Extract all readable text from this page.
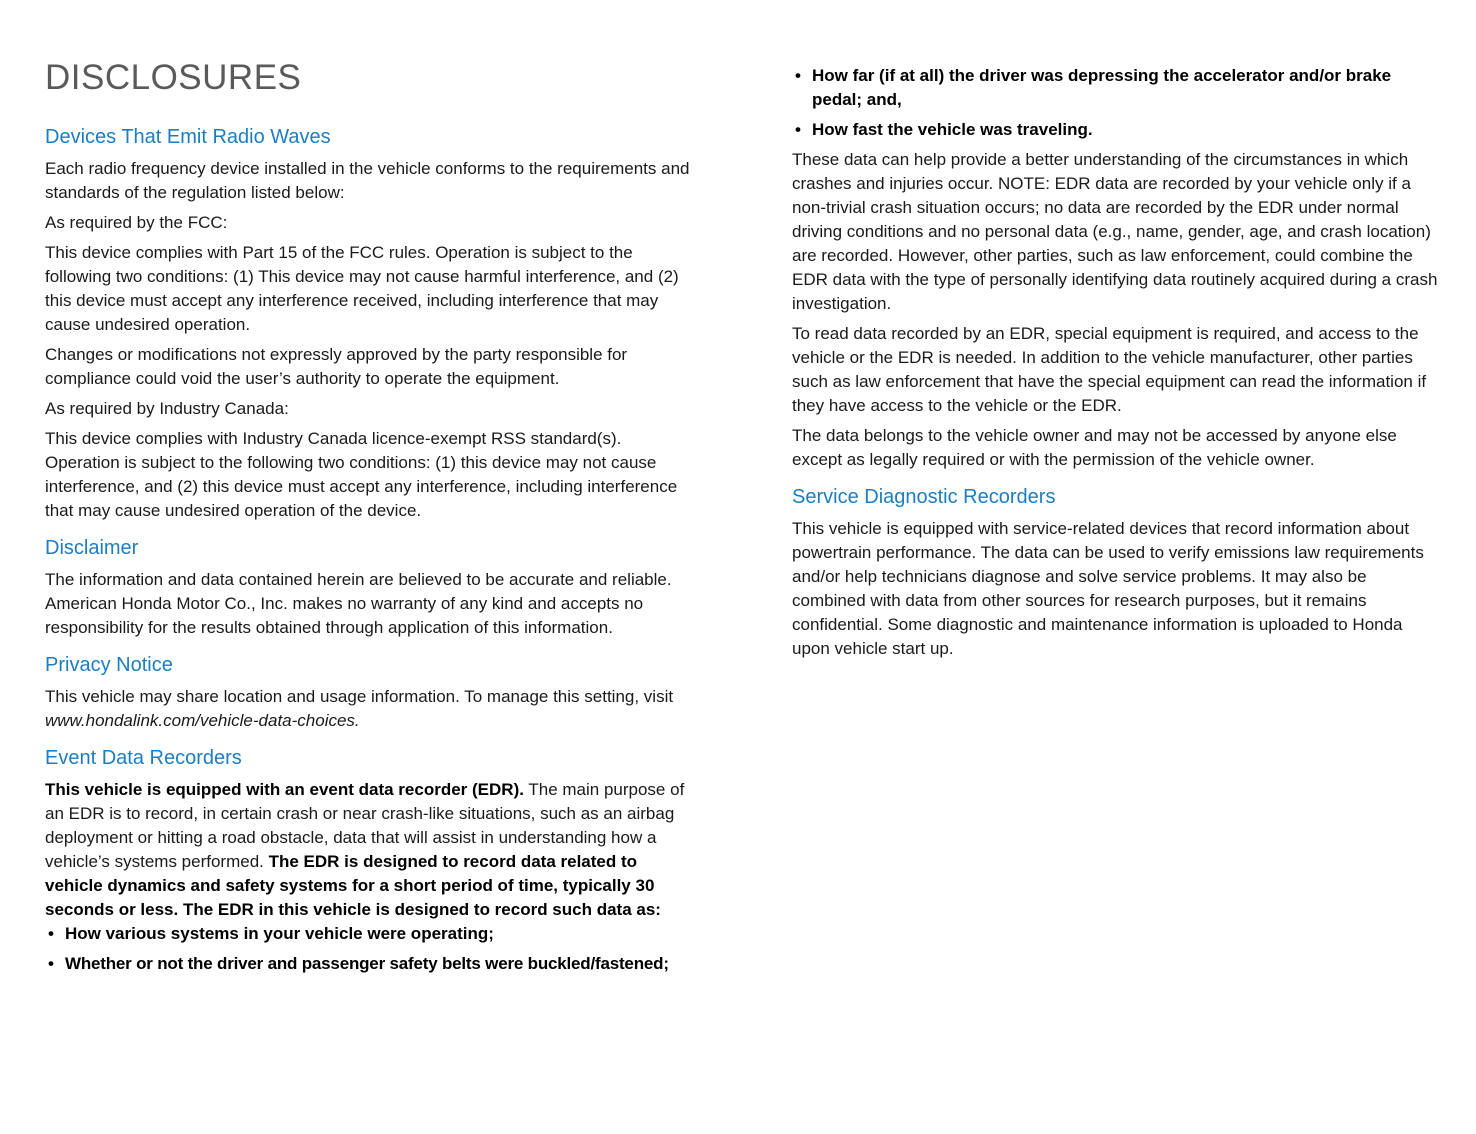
DISCLOSURES
Devices That Emit Radio Waves

Each radio frequency device installed in the vehicle conforms to the requirements and standards of the regulation listed below:

As required by the FCC:

This device complies with Part 15 of the FCC rules. Operation is subject to the following two conditions: (1) This device may not cause harmful interference, and (2) this device must accept any interference received, including interference that may cause undesired operation.

Changes or modifications not expressly approved by the party responsible for compliance could void the user’s authority to operate the equipment.

As required by Industry Canada:

This device complies with Industry Canada licence-exempt RSS standard(s). Operation is subject to the following two conditions: (1) this device may not cause interference, and (2) this device must accept any interference, including interference that may cause undesired operation of the device.

Disclaimer

The information and data contained herein are believed to be accurate and reliable. American Honda Motor Co., Inc. makes no warranty of any kind and accepts no responsibility for the results obtained through application of this information.

Privacy Notice

This vehicle may share location and usage information. To manage this setting, visit www.hondalink.com/vehicle-data-choices.

Event Data Recorders

This vehicle is equipped with an event data recorder (EDR). The main purpose of an EDR is to record, in certain crash or near crash-like situations, such as an airbag deployment or hitting a road obstacle, data that will assist in understanding how a vehicle’s systems performed. The EDR is designed to record data related to vehicle dynamics and safety systems for a short period of time, typically 30 seconds or less. The EDR in this vehicle is designed to record such data as:

• How various systems in your vehicle were operating;
• Whether or not the driver and passenger safety belts were buckled/fastened;
• How far (if at all) the driver was depressing the accelerator and/or brake pedal; and,
• How fast the vehicle was traveling.

These data can help provide a better understanding of the circumstances in which crashes and injuries occur. NOTE: EDR data are recorded by your vehicle only if a non-trivial crash situation occurs; no data are recorded by the EDR under normal driving conditions and no personal data (e.g., name, gender, age, and crash location) are recorded. However, other parties, such as law enforcement, could combine the EDR data with the type of personally identifying data routinely acquired during a crash investigation.

To read data recorded by an EDR, special equipment is required, and access to the vehicle or the EDR is needed. In addition to the vehicle manufacturer, other parties such as law enforcement that have the special equipment can read the information if they have access to the vehicle or the EDR.

The data belongs to the vehicle owner and may not be accessed by anyone else except as legally required or with the permission of the vehicle owner.

Service Diagnostic Recorders

This vehicle is equipped with service-related devices that record information about powertrain performance. The data can be used to verify emissions law requirements and/or help technicians diagnose and solve service problems. It may also be combined with data from other sources for research purposes, but it remains confidential. Some diagnostic and maintenance information is uploaded to Honda upon vehicle start up.
